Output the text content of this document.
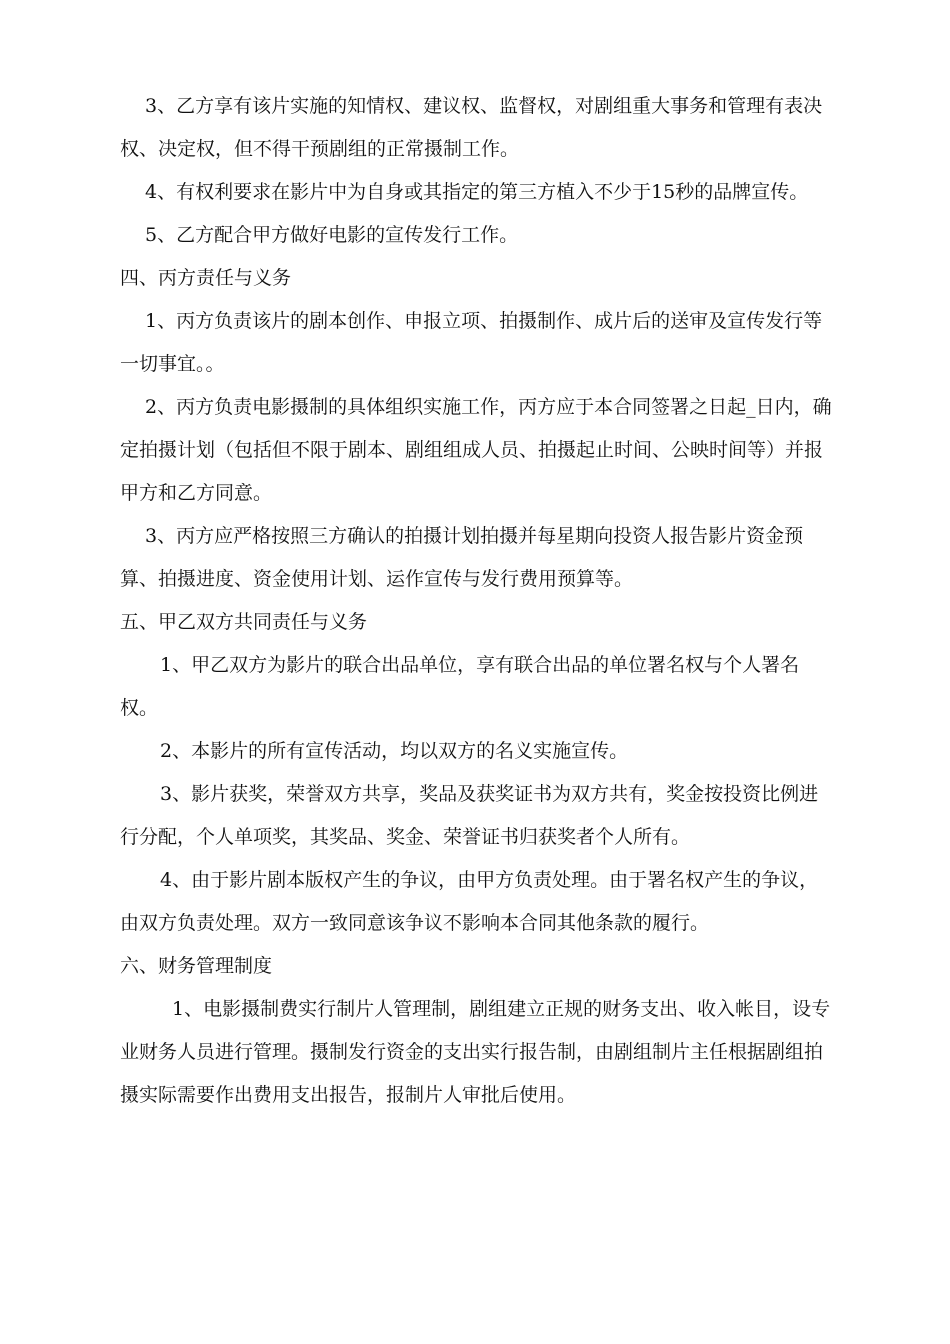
3、乙方享有该片实施的知情权、建议权、监督权，对剧组重大事务和管理有表决权、决定权，但不得干预剧组的正常摄制工作。

4、有权利要求在影片中为自身或其指定的第三方植入不少于15秒的品牌宣传。

5、乙方配合甲方做好电影的宣传发行工作。

四、丙方责任与义务

1、丙方负责该片的剧本创作、申报立项、拍摄制作、成片后的送审及宣传发行等一切事宜。。

2、丙方负责电影摄制的具体组织实施工作，丙方应于本合同签署之日起_日内，确定拍摄计划（包括但不限于剧本、剧组组成人员、拍摄起止时间、公映时间等）并报甲方和乙方同意。

3、丙方应严格按照三方确认的拍摄计划拍摄并每星期向投资人报告影片资金预算、拍摄进度、资金使用计划、运作宣传与发行费用预算等。

五、甲乙双方共同责任与义务

1、甲乙双方为影片的联合出品单位，享有联合出品的单位署名权与个人署名权。

2、本影片的所有宣传活动，均以双方的名义实施宣传。

3、影片获奖，荣誉双方共享，奖品及获奖证书为双方共有，奖金按投资比例进行分配，个人单项奖，其奖品、奖金、荣誉证书归获奖者个人所有。

4、由于影片剧本版权产生的争议，由甲方负责处理。由于署名权产生的争议，由双方负责处理。双方一致同意该争议不影响本合同其他条款的履行。

六、财务管理制度

1、电影摄制费实行制片人管理制，剧组建立正规的财务支出、收入帐目，设专业财务人员进行管理。摄制发行资金的支出实行报告制，由剧组制片主任根据剧组拍摄实际需要作出费用支出报告，报制片人审批后使用。
